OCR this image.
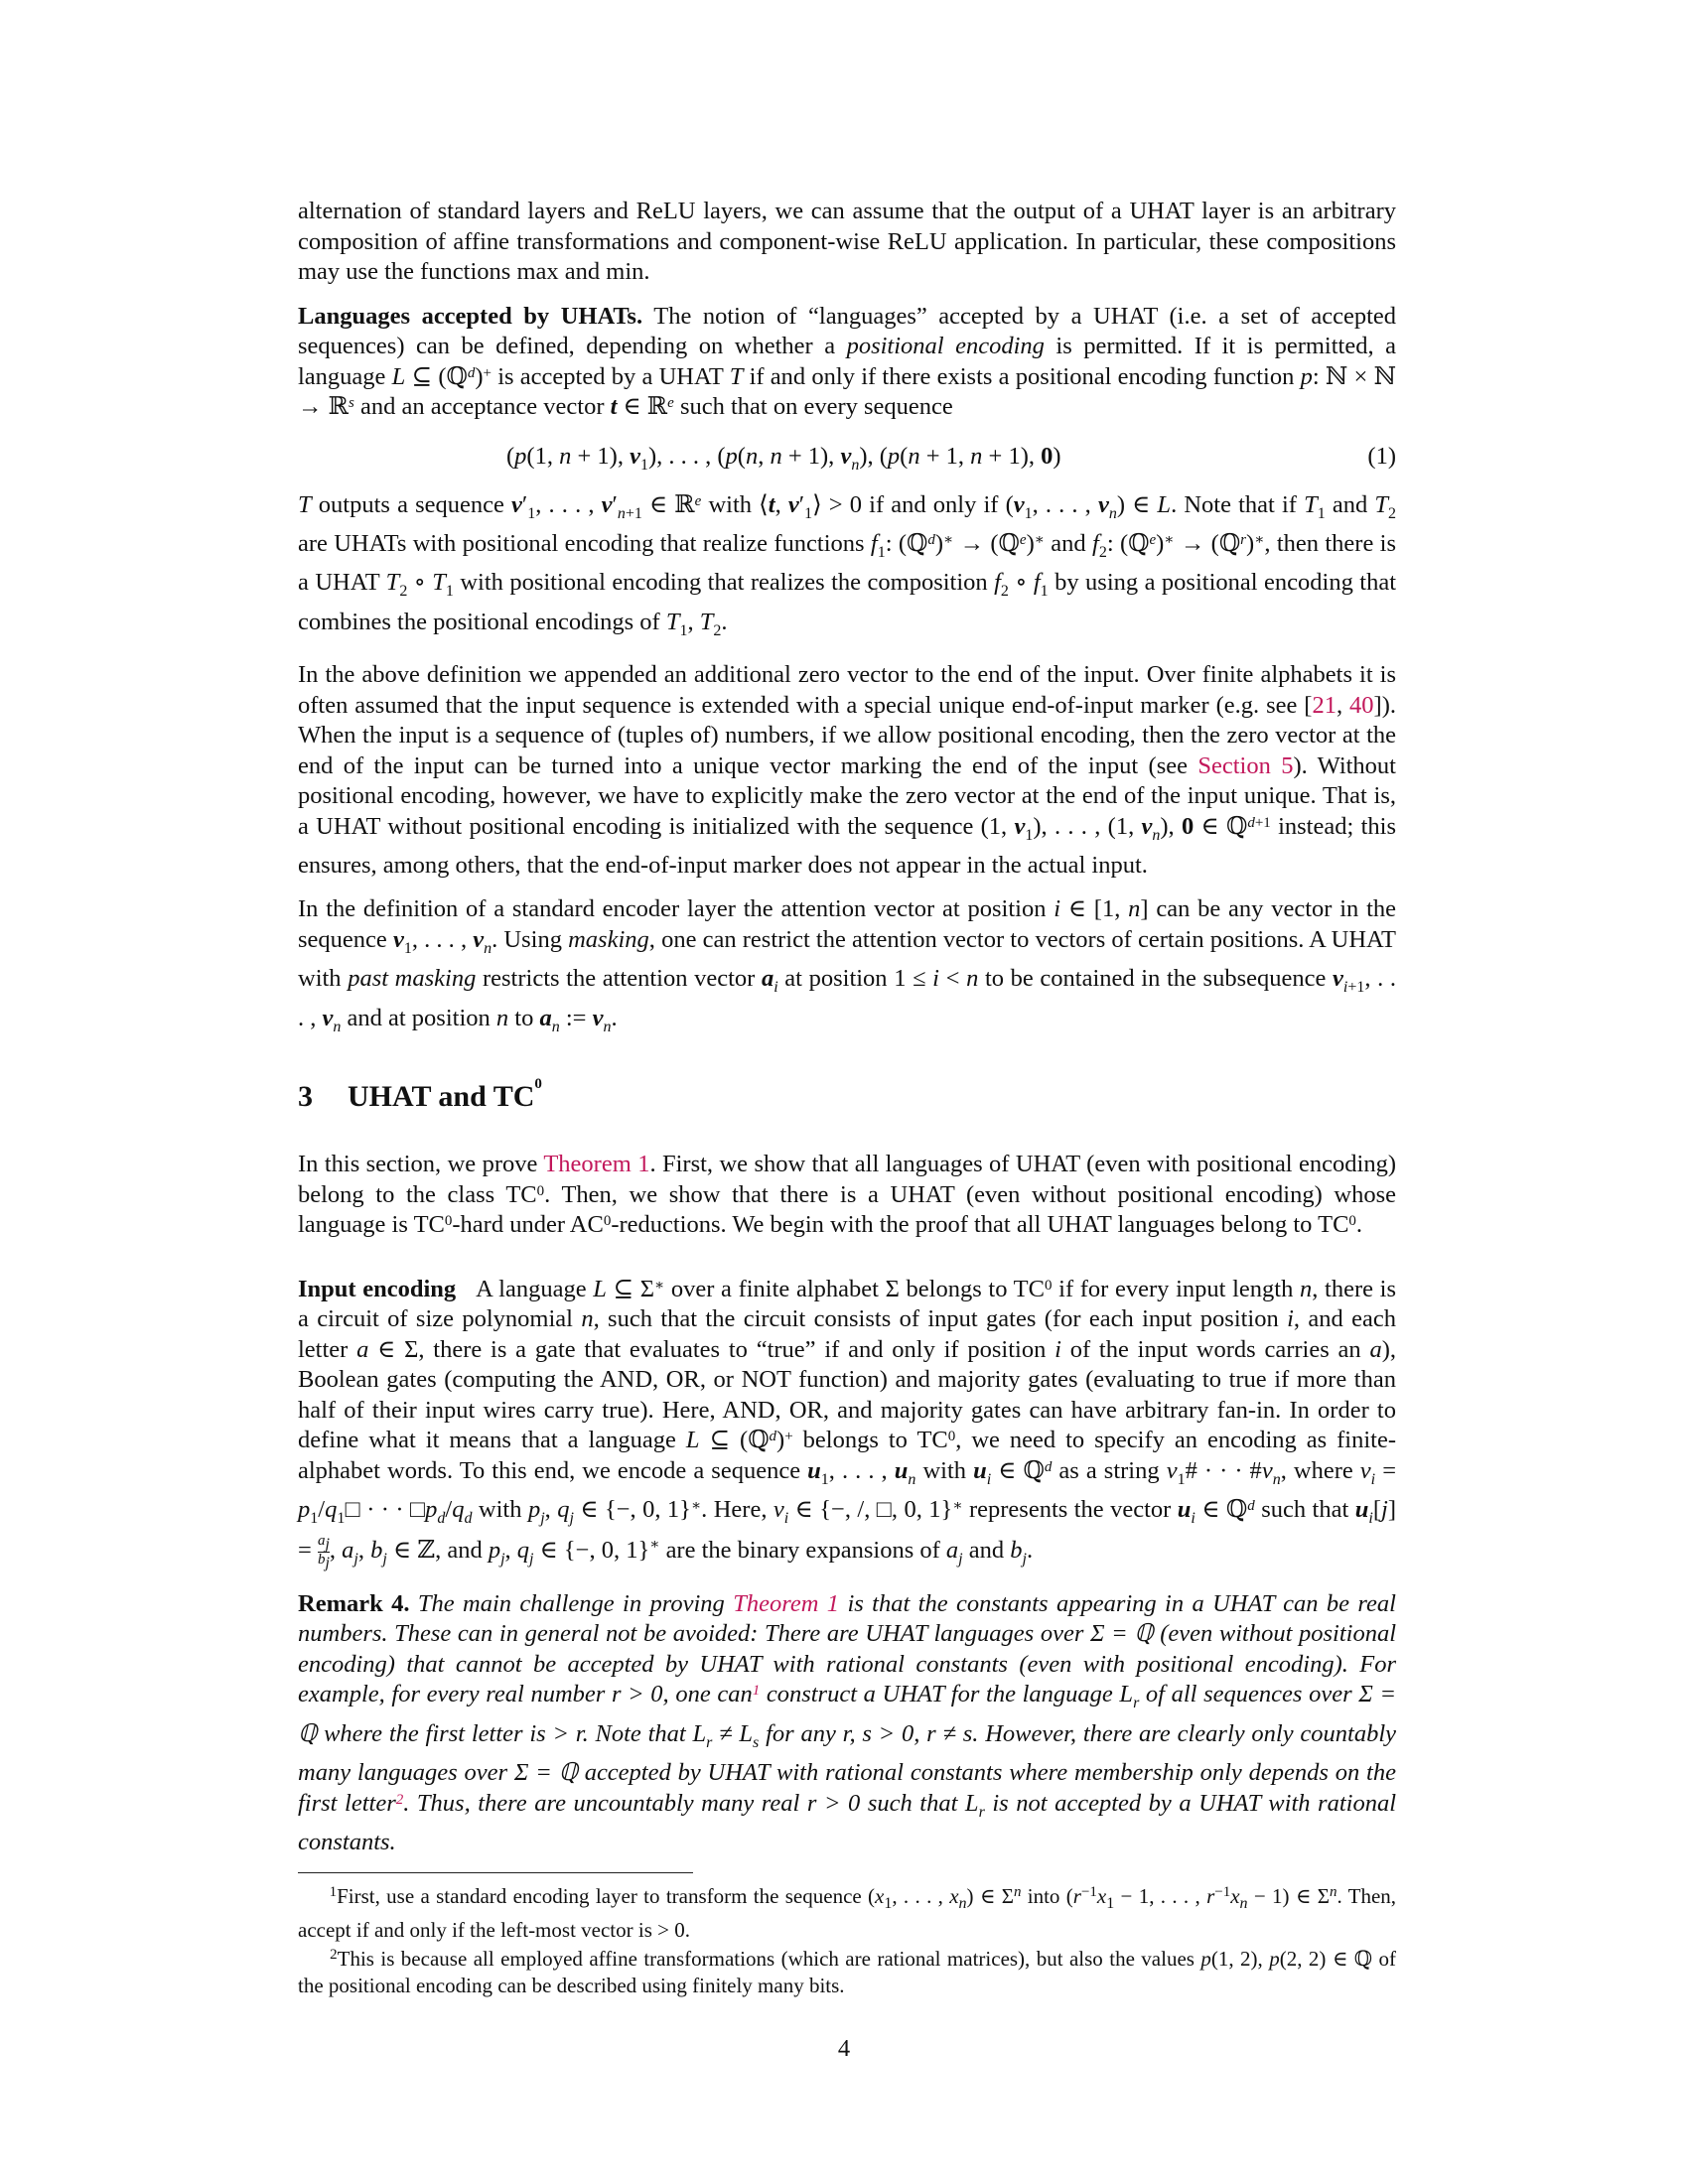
alternation of standard layers and ReLU layers, we can assume that the output of a UHAT layer is an arbitrary composition of affine transformations and component-wise ReLU application. In particular, these compositions may use the functions max and min.

Languages accepted by UHATs. The notion of “languages” accepted by a UHAT (i.e. a set of accepted sequences) can be defined, depending on whether a positional encoding is permitted. If it is permitted, a language L ⊆ (ℚ$^d$)+ is accepted by a UHAT T if and only if there exists a positional encoding function p: ℕ × ℕ → ℝ$^s$ and an acceptance vector t ∈ ℝ$^e$ such that on every sequence

(p(1, n + 1), $v_1$), . . . , (p(n, n + 1), $v_n$), (p(n + 1, n + 1), 0)	(1)

T outputs a sequence $v'_1$, . . . , $v'_{n+1}$ ∈ ℝ$^e$ with ⟨t, $v'_1⟩ > 0$ if and only if ($v_1$, . . . , $v_n$) ∈ L. Note that if $T_1$ and $T_2$ are UHATs with positional encoding that realize functions $f_1$: (ℚ$^d$)∗ → (ℚ$^e$)∗ and $f_2$: (ℚ$^e$)∗ → (ℚ$^r$)∗, then there is a UHAT $T_2$ ∘ $T_1$ with positional encoding that realizes the composition $f_2$ ∘ $f_1$ by using a positional encoding that combines the positional encodings of $T_1$, $T_2$.

In the above definition we appended an additional zero vector to the end of the input. Over finite alphabets it is often assumed that the input sequence is extended with a special unique end-of-input marker (e.g. see [21, 40]). When the input is a sequence of (tuples of) numbers, if we allow positional encoding, then the zero vector at the end of the input can be turned into a unique vector marking the end of the input (see Section 5). Without positional encoding, however, we have to explicitly make the zero vector at the end of the input unique. That is, a UHAT without positional encoding is initialized with the sequence (1, $v_1$), . . . , (1, $v_n$), 0 ∈ ℚ$^{d+1}$ instead; this ensures, among others, that the end-of-input marker does not appear in the actual input.

In the definition of a standard encoder layer the attention vector at position i ∈ [1, n] can be any vector in the sequence $v_1$, . . . , $v_n$. Using masking, one can restrict the attention vector to vectors of certain positions. A UHAT with past masking restricts the attention vector $a_i$ at position 1 ≤ i < n to be contained in the subsequence $v_{i+1}$, . . . , $v_n$ and at position n to $a_n$ := $v_n$.

3 UHAT and $TC^0$

In this section, we prove Theorem 1. First, we show that all languages of UHAT (even with positional encoding) belong to the class $TC^0$. Then, we show that there is a UHAT (even without positional encoding) whose language is $TC^0$-hard under $AC^0$-reductions. We begin with the proof that all UHAT languages belong to $TC^0$.

Input encoding   A language L ⊆ Σ∗ over a finite alphabet Σ belongs to $TC^0$ if for every input length n, there is a circuit of size polynomial n, such that the circuit consists of input gates (for each input position i, and each letter a ∈ Σ, there is a gate that evaluates to “true” if and only if position i of the input words carries an a), Boolean gates (computing the AND, OR, or NOT function) and majority gates (evaluating to true if more than half of their input wires carry true). Here, AND, OR, and majority gates can have arbitrary fan-in. In order to define what it means that a language L ⊆ (ℚ$^d$)+ belongs to $TC^0$, we need to specify an encoding as finite-alphabet words. To this end, we encode a sequence $u_1$, . . . , $u_n$ with $u_i$ ∈ ℚ$^d$ as a string $v_1\#$ · · · $\#v_n$, where $v_i$ = $p_1/q_1□$ · · · $□p_d/q_d$ with $p_j$, $q_j$ ∈ {−, 0, 1}∗. Here, $v_i$ ∈ {−, /, □, 0, 1}∗ represents the vector $u_i$ ∈ ℚ$^d$ such that $u_i[j] = \frac{a_j}{b_j}$ , $a_j$, $b_j$ ∈ ℤ, and $p_j$, $q_j$ ∈ {−, 0, 1}∗ are the binary expansions of $a_j$ and $b_j$.

Remark 4. The main challenge in proving Theorem 1 is that the constants appearing in a UHAT can be real numbers. These can in general not be avoided: There are UHAT languages over Σ = ℚ (even without positional encoding) that cannot be accepted by UHAT with rational constants (even with positional encoding). For example, for every real number r > 0, one can$^1$ construct a UHAT for the language $L_r$ of all sequences over Σ = ℚ where the first letter is > r. Note that $L_r \ne L_s$ for any r, s > 0, r ≠ s. However, there are clearly only countably many languages over Σ = ℚ accepted by UHAT with rational constants where membership only depends on the first letter$^2$. Thus, there are uncountably many real r > 0 such that $L_r$ is not accepted by a UHAT with rational constants.

$^1$First, use a standard encoding layer to transform the sequence ($x_1$, . . . , $x_n$) ∈ $\Sigma^n$ into ($r^{-1}x_1 - 1$, . . . , $r^{-1}x_n - 1$) ∈ $\Sigma^n$. Then, accept if and only if the left-most vector is > 0.

$^2$This is because all employed affine transformations (which are rational matrices), but also the values p(1, 2), p(2, 2) ∈ ℚ of the positional encoding can be described using finitely many bits.

4
